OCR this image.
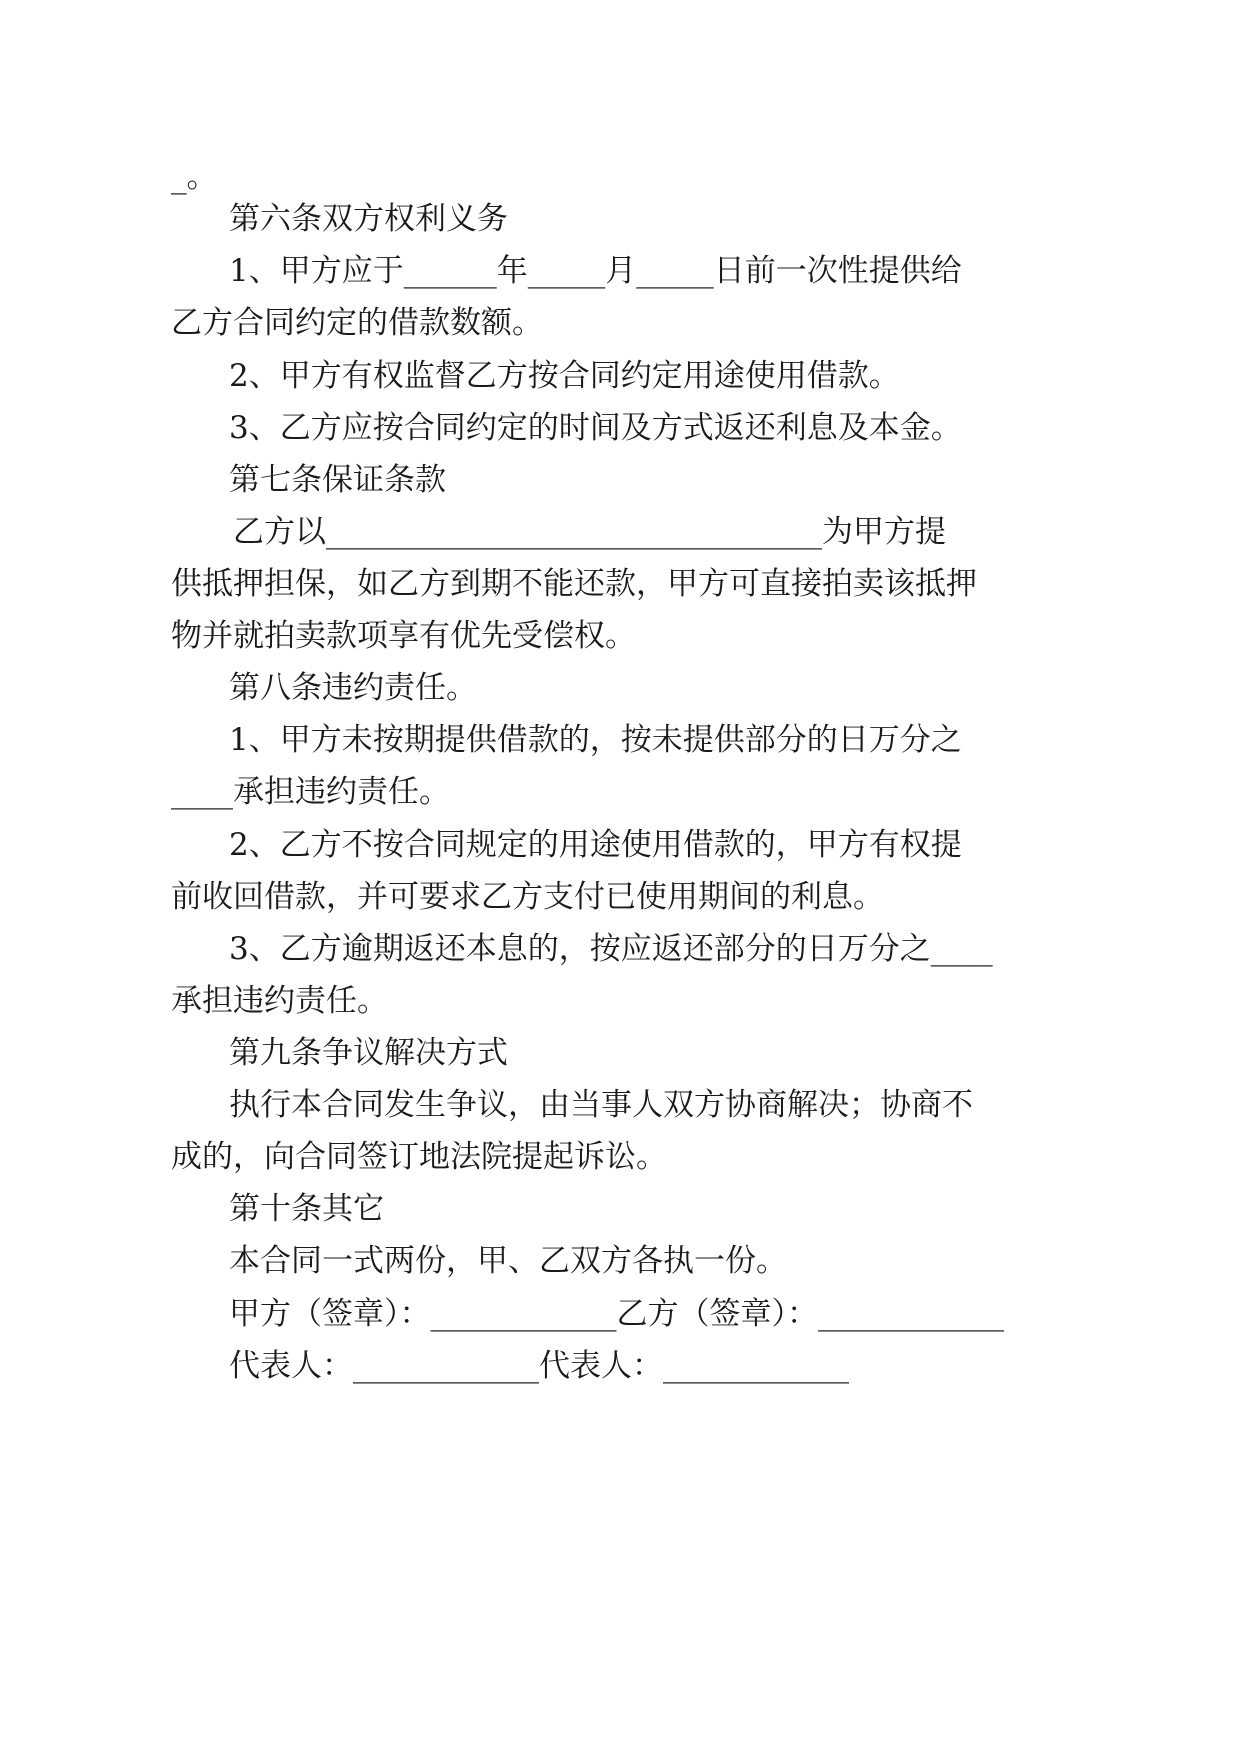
_。

第六条双方权利义务

1、甲方应于______年_____月_____日前一次性提供给

乙方合同约定的借款数额。

2、甲方有权监督乙方按合同约定用途使用借款。

3、乙方应按合同约定的时间及方式返还利息及本金。

第七条保证条款

乙方以________________________________为甲方提

供抵押担保，如乙方到期不能还款，甲方可直接拍卖该抵押

物并就拍卖款项享有优先受偿权。

第八条违约责任。

1、甲方未按期提供借款的，按未提供部分的日万分之

____承担违约责任。

2、乙方不按合同规定的用途使用借款的，甲方有权提

前收回借款，并可要求乙方支付已使用期间的利息。

3、乙方逾期返还本息的，按应返还部分的日万分之____

承担违约责任。

第九条争议解决方式

执行本合同发生争议，由当事人双方协商解决；协商不

成的，向合同签订地法院提起诉讼。

第十条其它

本合同一式两份，甲、乙双方各执一份。

甲方（签章）：____________乙方（签章）：____________

代表人：____________代表人：____________
